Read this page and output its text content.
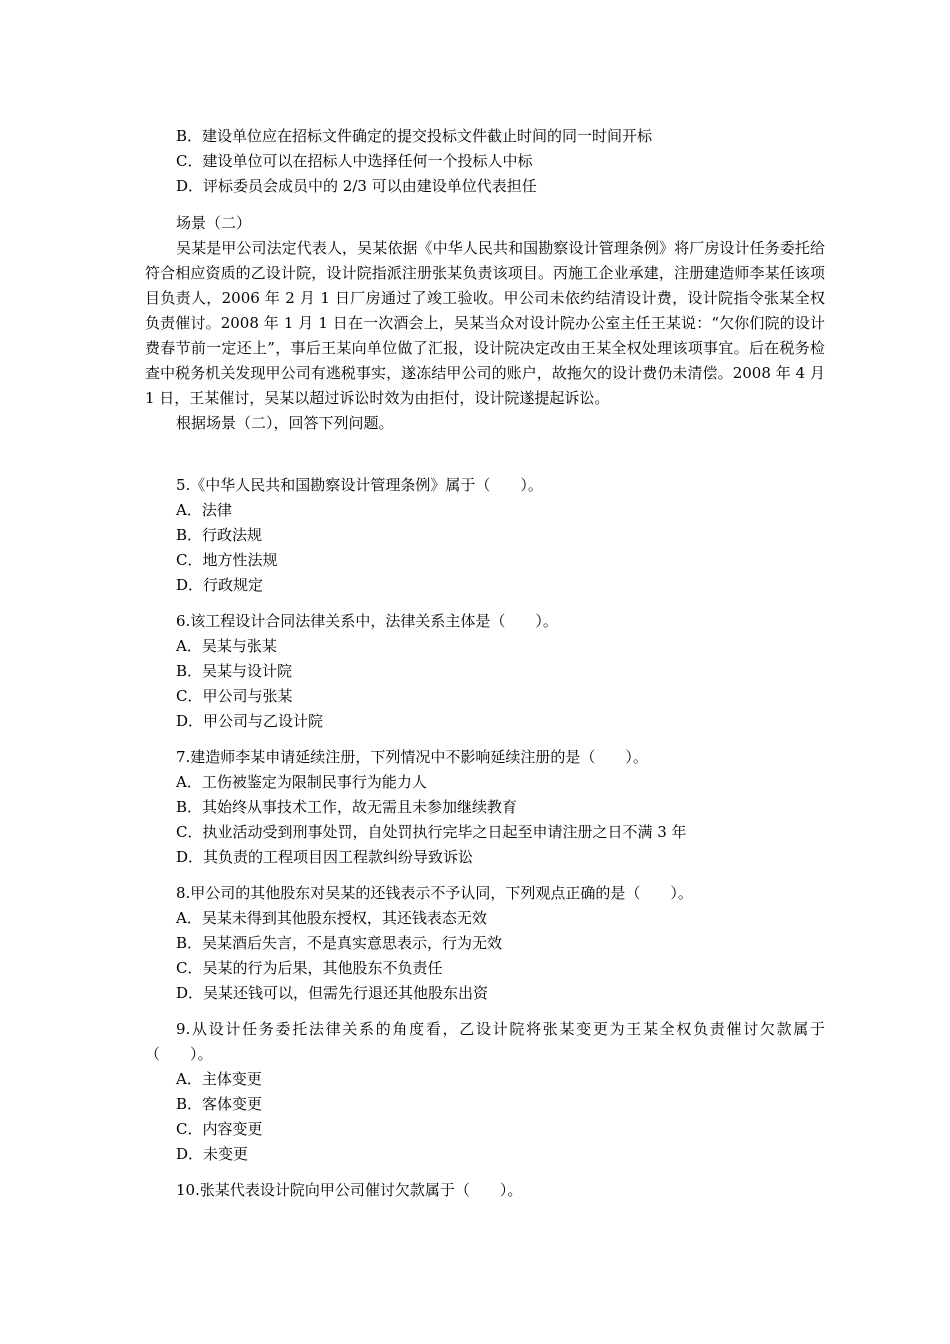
B．建设单位应在招标文件确定的提交投标文件截止时间的同一时间开标
C．建设单位可以在招标人中选择任何一个投标人中标
D．评标委员会成员中的 2/3 可以由建设单位代表担任
场景（二）
吴某是甲公司法定代表人，吴某依据《中华人民共和国勘察设计管理条例》将厂房设计任务委托给符合相应资质的乙设计院，设计院指派注册张某负责该项目。丙施工企业承建，注册建造师李某任该项目负责人，2006 年 2 月 1 日厂房通过了竣工验收。甲公司未依约结清设计费，设计院指令张某全权负责催讨。2008 年 1 月 1 日在一次酒会上，吴某当众对设计院办公室主任王某说：“欠你们院的设计费春节前一定还上”，事后王某向单位做了汇报，设计院决定改由王某全权处理该项事宜。后在税务检查中税务机关发现甲公司有逃税事实，遂冻结甲公司的账户，故拖欠的设计费仍未清偿。2008 年 4 月 1 日，王某催讨，吴某以超过诉讼时效为由拒付，设计院遂提起诉讼。
根据场景（二），回答下列问题。
5.《中华人民共和国勘察设计管理条例》属于（　　）。
A．法律
B．行政法规
C．地方性法规
D．行政规定
6.该工程设计合同法律关系中，法律关系主体是（　　）。
A．吴某与张某
B．吴某与设计院
C．甲公司与张某
D．甲公司与乙设计院
7.建造师李某申请延续注册，下列情况中不影响延续注册的是（　　）。
A．工伤被鉴定为限制民事行为能力人
B．其始终从事技术工作，故无需且未参加继续教育
C．执业活动受到刑事处罚，自处罚执行完毕之日起至申请注册之日不满 3 年
D．其负责的工程项目因工程款纠纷导致诉讼
8.甲公司的其他股东对吴某的还钱表示不予认同，下列观点正确的是（　　）。
A．吴某未得到其他股东授权，其还钱表态无效
B．吴某酒后失言，不是真实意思表示，行为无效
C．吴某的行为后果，其他股东不负责任
D．吴某还钱可以，但需先行退还其他股东出资
9.从设计任务委托法律关系的角度看，乙设计院将张某变更为王某全权负责催讨欠款属于（　　）。
A．主体变更
B．客体变更
C．内容变更
D．未变更
10.张某代表设计院向甲公司催讨欠款属于（　　）。
